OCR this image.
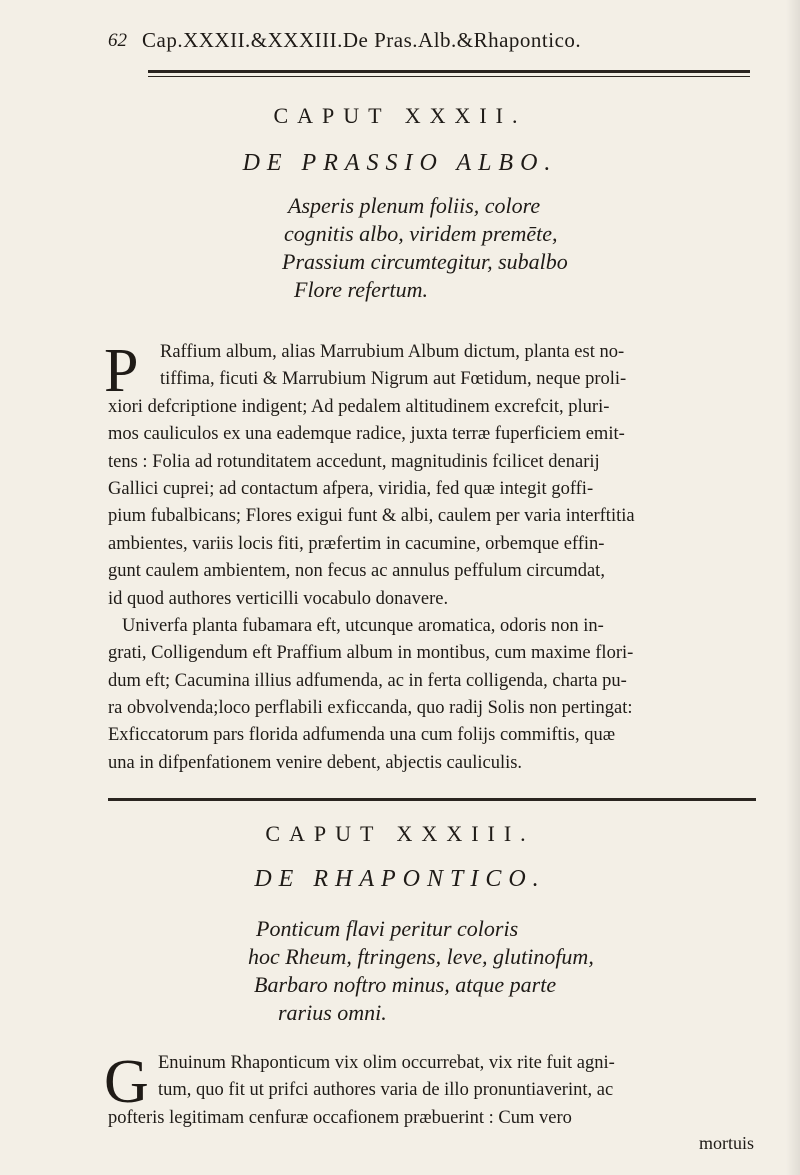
62 Cap.XXXII.&XXXIII.De Pras.Alb.&Rhapontico.
CAPUT XXXII.
DE PRASSIO ALBO.
Asperis plenum foliis, colore
cognitis albo, viridem premēte,
Prassium circumtegitur, subalbo
Flore refertum.
P	Raffium album, alias Marrubium Album dictum, planta est no-
tiffima, ficuti & Marrubium Nigrum aut Fœtidum, neque proli-
xiori defcriptione indigent; Ad pedalem altitudinem excrefcit, pluri-
mos cauliculos ex una eademque radice, juxta terræ fuperficiem emit-
tens : Folia ad rotunditatem accedunt, magnitudinis fcilicet denarij
Gallici cuprei; ad contactum afpera, viridia, fed quæ integit goffi-
pium fubalbicans; Flores exigui funt & albi, caulem per varia interftitia
ambientes, variis locis fiti, præfertim in cacumine, orbemque effin-
gunt caulem ambientem, non fecus ac annulus peffulum circumdat,
id quod authores verticilli vocabulo donavere.
Univerfa planta fubamara eft, utcunque aromatica, odoris non in-
grati, Colligendum eft Praffium album in montibus, cum maxime flori-
dum eft; Cacumina illius adfumenda, ac in ferta colligenda, charta pu-
ra obvolvenda;loco perflabili exficcanda, quo radij Solis non pertingat:
Exficcatorum pars florida adfumenda una cum folijs commiftis, quæ
una in difpenfationem venire debent, abjectis cauliculis.
CAPUT XXXIII.
DE RHAPONTICO.
Ponticum flavi peritur coloris
hoc Rheum, ftringens, leve, glutinofum,
Barbaro noftro minus, atque parte
rarius omni.
G Enuinum Rhaponticum vix olim occurrebat, vix rite fuit agni-
tum, quo fit ut prifci authores varia de illo pronuntiaverint, ac
pofteris legitimam cenfuræ occafionem præbuerint : Cum vero
mortuis
